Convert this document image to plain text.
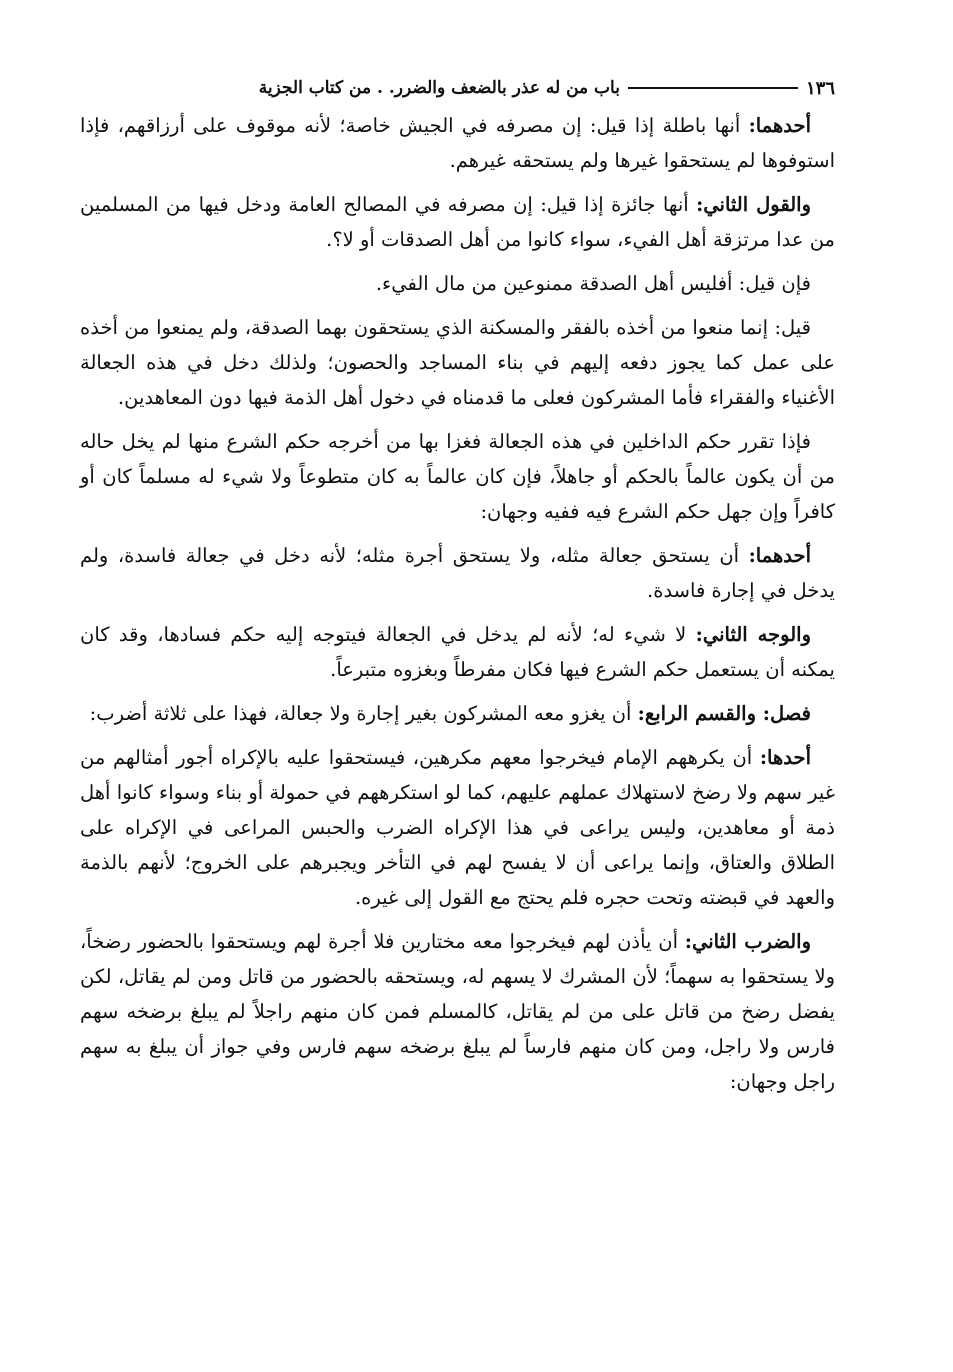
١٣٦
باب من له عذر بالضعف والضرر. . من كتاب الجزية

أحدهما: أنها باطلة إذا قيل: إن مصرفه في الجيش خاصة؛ لأنه موقوف على أرزاقهم، فإذا استوفوها لم يستحقوا غيرها ولم يستحقه غيرهم.

والقول الثاني: أنها جائزة إذا قيل: إن مصرفه في المصالح العامة ودخل فيها من المسلمين من عدا مرتزقة أهل الفيء، سواء كانوا من أهل الصدقات أو لا؟.

فإن قيل: أفليس أهل الصدقة ممنوعين من مال الفيء.

قيل: إنما منعوا من أخذه بالفقر والمسكنة الذي يستحقون بهما الصدقة، ولم يمنعوا من أخذه على عمل كما يجوز دفعه إليهم في بناء المساجد والحصون؛ ولذلك دخل في هذه الجعالة الأغنياء والفقراء فأما المشركون فعلى ما قدمناه في دخول أهل الذمة فيها دون المعاهدين.

فإذا تقرر حكم الداخلين في هذه الجعالة فغزا بها من أخرجه حكم الشرع منها لم يخل حاله من أن يكون عالماً بالحكم أو جاهلاً، فإن كان عالماً به كان متطوعاً ولا شيء له مسلماً كان أو كافراً وإن جهل حكم الشرع فيه ففيه وجهان:

أحدهما: أن يستحق جعالة مثله، ولا يستحق أجرة مثله؛ لأنه دخل في جعالة فاسدة، ولم يدخل في إجارة فاسدة.

والوجه الثاني: لا شيء له؛ لأنه لم يدخل في الجعالة فيتوجه إليه حكم فسادها، وقد كان يمكنه أن يستعمل حكم الشرع فيها فكان مفرطاً وبغزوه متبرعاً.

فصل: والقسم الرابع: أن يغزو معه المشركون بغير إجارة ولا جعالة، فهذا على ثلاثة أضرب:

أحدها: أن يكرههم الإمام فيخرجوا معهم مكرهين، فيستحقوا عليه بالإكراه أجور أمثالهم من غير سهم ولا رضخ لاستهلاك عملهم عليهم، كما لو استكرههم في حمولة أو بناء وسواء كانوا أهل ذمة أو معاهدين، وليس يراعى في هذا الإكراه الضرب والحبس المراعى في الإكراه على الطلاق والعتاق، وإنما يراعى أن لا يفسح لهم في التأخر ويجبرهم على الخروج؛ لأنهم بالذمة والعهد في قبضته وتحت حجره فلم يحتج مع القول إلى غيره.

والضرب الثاني: أن يأذن لهم فيخرجوا معه مختارين فلا أجرة لهم ويستحقوا بالحضور رضخاً، ولا يستحقوا به سهماً؛ لأن المشرك لا يسهم له، ويستحقه بالحضور من قاتل ومن لم يقاتل، لكن يفضل رضخ من قاتل على من لم يقاتل، كالمسلم فمن كان منهم راجلاً لم يبلغ برضخه سهم فارس ولا راجل، ومن كان منهم فارساً لم يبلغ برضخه سهم فارس وفي جواز أن يبلغ به سهم راجل وجهان:
